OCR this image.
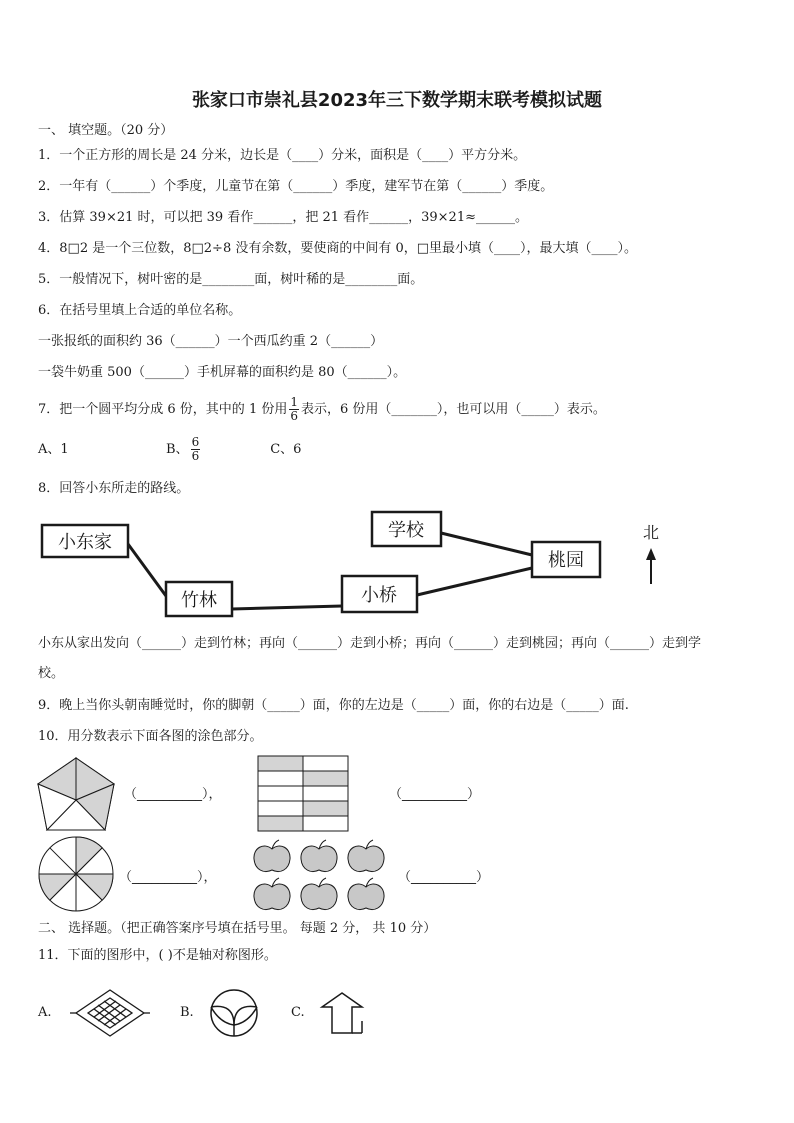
张家口市崇礼县2023年三下数学期末联考模拟试题
一、 填空题。（20 分）
1．一个正方形的周长是 24 分米，边长是（____）分米，面积是（____）平方分米。
2．一年有（______）个季度，儿童节在第（______）季度，建军节在第（______）季度。
3．估算 39×21 时，可以把 39 看作______，把 21 看作______，39×21≈______。
4．8□2 是一个三位数，8□2÷8 没有余数，要使商的中间有 0，□里最小填（____），最大填（____）。
5．一般情况下，树叶密的是________面，树叶稀的是________面。
6．在括号里填上合适的单位名称。
一张报纸的面积约 36（______）一个西瓜约重 2（______）
一袋牛奶重 500（______）手机屏幕的面积约是 80（______）。
7．把一个圆平均分成 6 份，其中的 1 份用 $\frac{1}{6}$ 表示，6 份用（_______），也可以用（_____）表示。
A、1	B、 $\frac{6}{6}$	C、6
8．回答小东所走的路线。
小东家
竹林	小桥
学校
桃园
北
小东从家出发向（______）走到竹林；再向（______）走到小桥；再向（______）走到桃园；再向（______）走到学
校。
9．晚上当你头朝南睡觉时，你的脚朝（_____）面，你的左边是（_____）面，你的右边是（_____）面.
10．用分数表示下面各图的涂色部分。
（__________），	（__________）
（__________），	（__________）
二、 选择题。（把正确答案序号填在括号里。 每题 2 分， 共 10 分）
11．下面的图形中，( )不是轴对称图形。
A.	B.	C.
